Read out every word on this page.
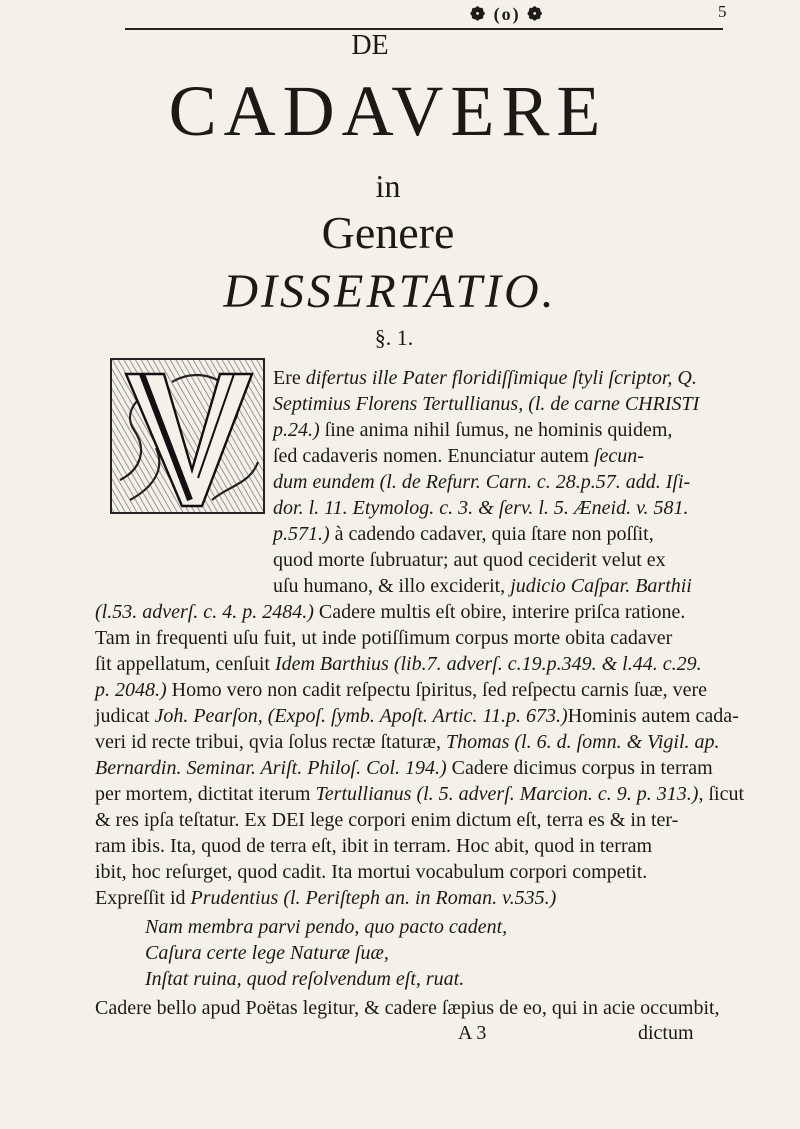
❁ (o) ❁	5
DE
CADAVERE
in
Genere
DISSERTATIO.
§. 1.
Ere difertus ille Pater floridiſſimique ſtyli ſcriptor, Q.
Septimius Florens Tertullianus, (l. de carne CHRISTI
p.24.) ſine anima nihil ſumus, ne hominis quidem,
ſed cadaveris nomen. Enunciatur autem ſecun-
dum eundem (l. de Refurr. Carn. c. 28.p.57. add. Iſi-
dor. l. 11. Etymolog. c. 3. & ſerv. l. 5. Æneid. v. 581.
p.571.) à cadendo cadaver, quia ſtare non poſſit,
quod morte ſubruatur; aut quod ceciderit velut ex
uſu humano, & illo exciderit, judicio Caſpar. Barthii
(l.53. adverſ. c. 4. p. 2484.) Cadere multis eſt obire, interire priſca ratione.
Tam in frequenti uſu fuit, ut inde potiſſimum corpus morte obita cadaver
ſit appellatum, cenſuit Idem Barthius (lib.7. adverſ. c.19.p.349. & l.44. c.29.
p. 2048.) Homo vero non cadit reſpectu ſpiritus, ſed reſpectu carnis ſuæ, vere
judicat Joh. Pearſon, (Expoſ. ſymb. Apoſt. Artic. 11.p. 673.)Hominis autem cada-
veri id recte tribui, qvia ſolus rectæ ſtaturæ, Thomas (l. 6. d. ſomn. & Vigil. ap.
Bernardin. Seminar. Ariſt. Philoſ. Col. 194.) Cadere dicimus corpus in terram
per mortem, dictitat iterum Tertullianus (l. 5. adverſ. Marcion. c. 9. p. 313.), ſicut
& res ipſa teſtatur. Ex DEI lege corpori enim dictum eſt, terra es & in ter-
ram ibis. Ita, quod de terra eſt, ibit in terram. Hoc abit, quod in terram
ibit, hoc reſurget, quod cadit. Ita mortui vocabulum corpori competit.
Expreſſit id Prudentius (l. Periſteph an. in Roman. v.535.)
Nam membra parvi pendo, quo pacto cadent,
Caſura certe lege Naturæ ſuæ,
Inſtat ruina, quod reſolvendum eſt, ruat.
Cadere bello apud Poëtas legitur, & cadere ſæpius de eo, qui in acie occumbit,
A 3	dictum
